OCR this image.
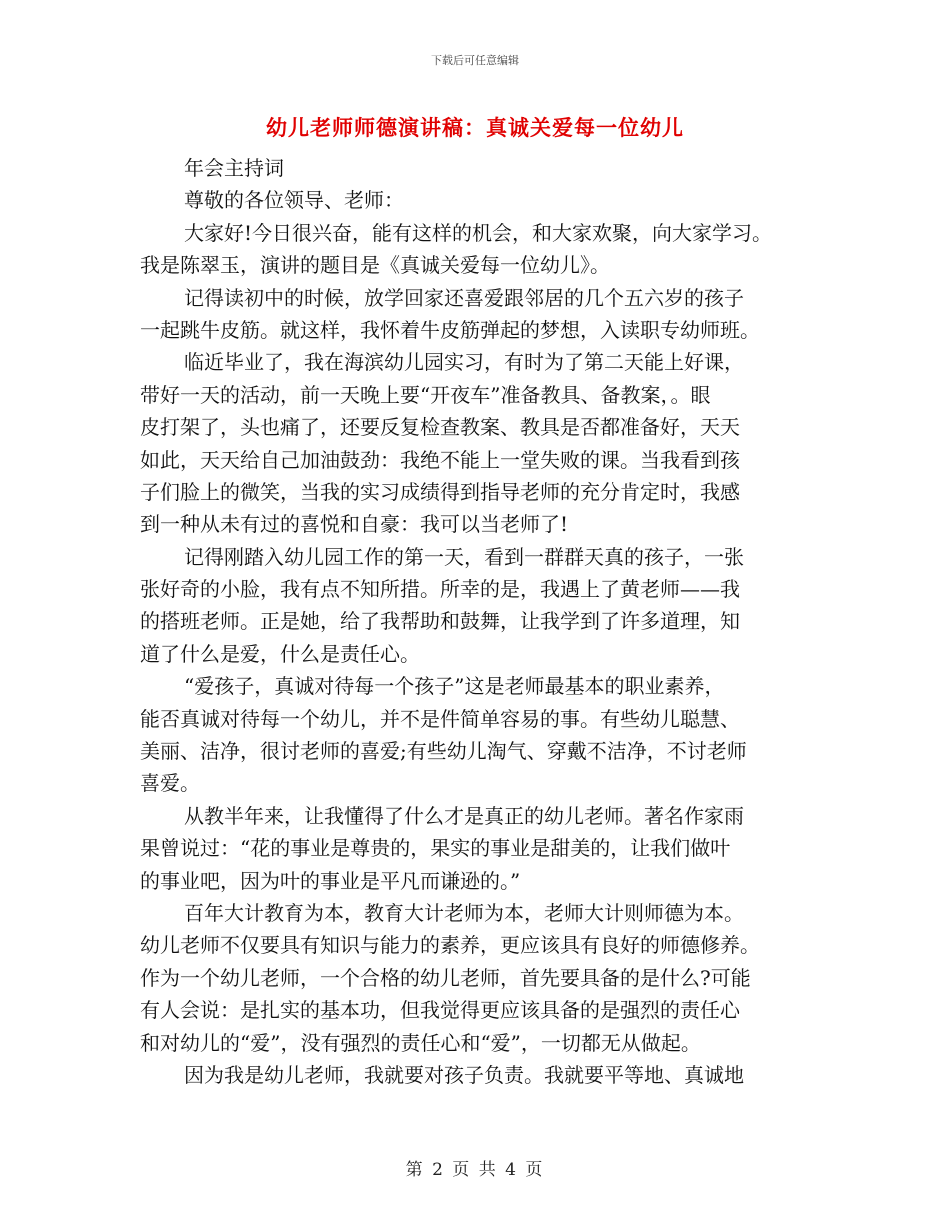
下载后可任意编辑
幼儿老师师德演讲稿：真诚关爱每一位幼儿
年会主持词
尊敬的各位领导、老师：
大家好!今日很兴奋，能有这样的机会，和大家欢聚，向大家学习。
我是陈翠玉，演讲的题目是《真诚关爱每一位幼儿》。
记得读初中的时候，放学回家还喜爱跟邻居的几个五六岁的孩子
一起跳牛皮筋。就这样，我怀着牛皮筋弹起的梦想，入读职专幼师班。
临近毕业了，我在海滨幼儿园实习，有时为了第二天能上好课，
带好一天的活动，前一天晚上要“开夜车”准备教具、备教案，。眼
皮打架了，头也痛了，还要反复检查教案、教具是否都准备好，天天
如此，天天给自己加油鼓劲：我绝不能上一堂失败的课。当我看到孩
子们脸上的微笑，当我的实习成绩得到指导老师的充分肯定时，我感
到一种从未有过的喜悦和自豪：我可以当老师了!
记得刚踏入幼儿园工作的第一天，看到一群群天真的孩子，一张
张好奇的小脸，我有点不知所措。所幸的是，我遇上了黄老师——我
的搭班老师。正是她，给了我帮助和鼓舞，让我学到了许多道理，知
道了什么是爱，什么是责任心。
“爱孩子，真诚对待每一个孩子”这是老师最基本的职业素养，
能否真诚对待每一个幼儿，并不是件简单容易的事。有些幼儿聪慧、
美丽、洁净，很讨老师的喜爱;有些幼儿淘气、穿戴不洁净，不讨老师
喜爱。
从教半年来，让我懂得了什么才是真正的幼儿老师。著名作家雨
果曾说过：“花的事业是尊贵的，果实的事业是甜美的，让我们做叶
的事业吧，因为叶的事业是平凡而谦逊的。”
百年大计教育为本，教育大计老师为本，老师大计则师德为本。
幼儿老师不仅要具有知识与能力的素养，更应该具有良好的师德修养。
作为一个幼儿老师，一个合格的幼儿老师，首先要具备的是什么?可能
有人会说：是扎实的基本功，但我觉得更应该具备的是强烈的责任心
和对幼儿的“爱”，没有强烈的责任心和“爱”，一切都无从做起。
因为我是幼儿老师，我就要对孩子负责。我就要平等地、真诚地
第 2 页 共 4 页
